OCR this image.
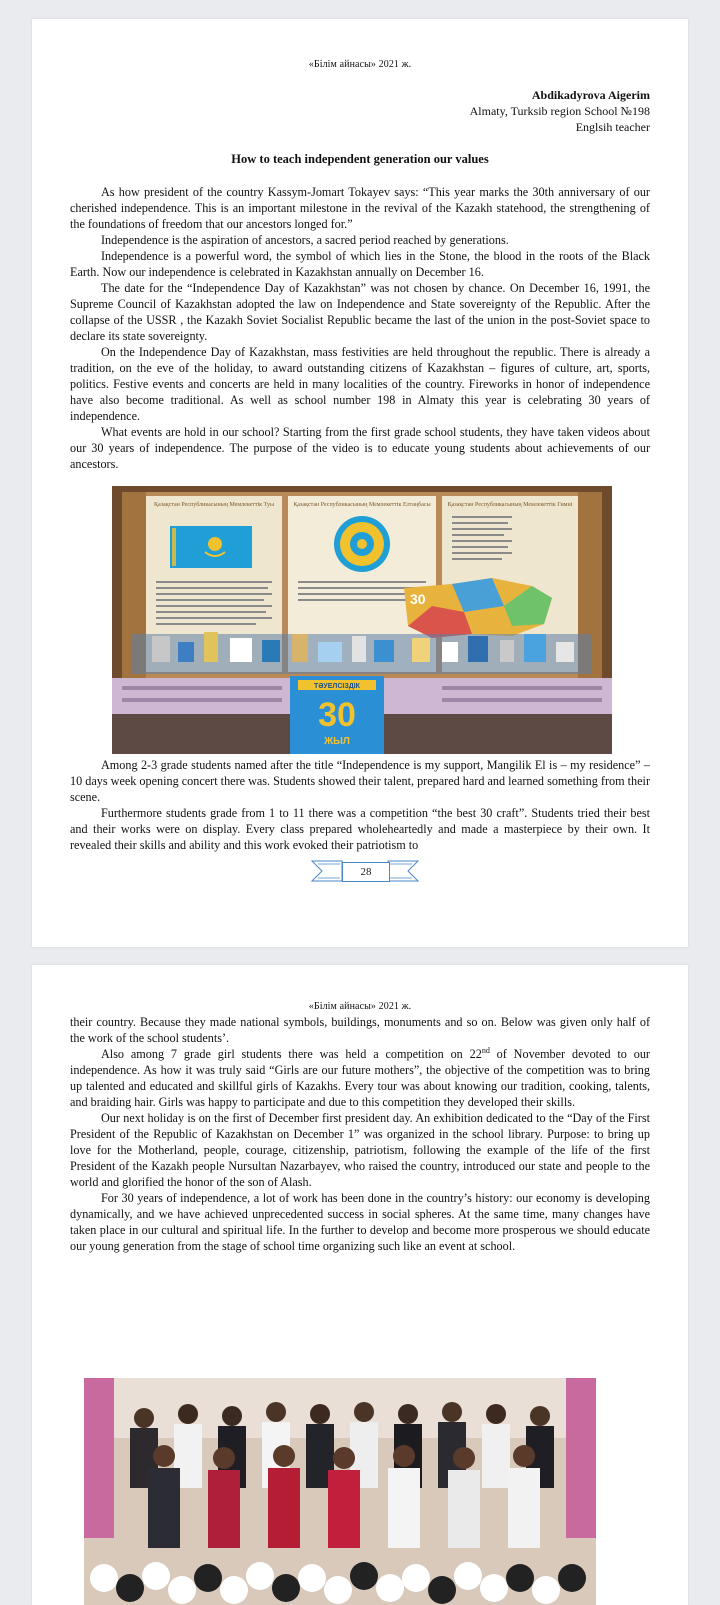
«Білім айнасы» 2021 ж.
Abdikadyrova Aigerim
Almaty, Turksib region School №198
Englsih teacher
How to teach independent generation our values

As how president of the country Kassym-Jomart Tokayev says: “This year marks the 30th anniversary of our cherished independence. This is an important milestone in the revival of the Kazakh statehood, the strengthening of the foundations of freedom that our ancestors longed for.”

Independence is the aspiration of ancestors, a sacred period reached by generations.

Independence is a powerful word, the symbol of which lies in the Stone, the blood in the roots of the Black Earth. Now our independence is celebrated in Kazakhstan annually on December 16.

The date for the “Independence Day of Kazakhstan” was not chosen by chance. On December 16, 1991, the Supreme Council of Kazakhstan adopted the law on Independence and State sovereignty of the Republic. After the collapse of the USSR , the Kazakh Soviet Socialist Republic became the last of the union in the post-Soviet space to declare its state sovereignty.

On the Independence Day of Kazakhstan, mass festivities are held throughout the republic. There is already a tradition, on the eve of the holiday, to award outstanding citizens of Kazakhstan – figures of culture, art, sports, politics. Festive events and concerts are held in many localities of the country. Fireworks in honor of independence have also become traditional. As well as school number 198 in Almaty this year is celebrating 30 years of independence.

What events are hold in our school? Starting from the first grade school students, they have taken videos about our 30 years of independence. The purpose of the video is to educate young students about achievements of our ancestors.

Қазақстан Республикасының Мемлекеттік Туы	Қазақстан Республикасының Мемлекеттік Елтаңбасы	Қазақстан Республикасының Мемлекеттік Гимні
30
ТӘУЕЛСІЗДІК
30
ЖЫЛ

Among 2-3 grade students named after the title “Independence is my support, Mangilik El is – my residence” – 10 days week opening concert there was. Students showed their talent, prepared hard and learned something from their scene.

Furthermore students grade from 1 to 11 there was a competition “the best 30 craft”. Students tried their best and their works were on display. Every class prepared wholeheartedly and made a masterpiece by their own. It revealed their skills and ability and this work evoked their patriotism to

28
«Білім айнасы» 2021 ж.

their country. Because they made national symbols, buildings, monuments and so on. Below was given only half of the work of the school students’.

Also among 7 grade girl students there was held a competition on 22nd of November devoted to our independence. As how it was truly said “Girls are our future mothers”, the objective of the competition was to bring up talented and educated and skillful girls of Kazakhs. Every tour was about knowing our tradition, cooking, talents, and braiding hair. Girls was happy to participate and due to this competition they developed their skills.

Our next holiday is on the first of December first president day. An exhibition dedicated to the “Day of the First President of the Republic of Kazakhstan on December 1” was organized in the school library. Purpose: to bring up love for the Motherland, people, courage, citizenship, patriotism, following the example of the life of the first President of the Kazakh people Nursultan Nazarbayev, who raised the country, introduced our state and people to the world and glorified the honor of the son of Alash.

For 30 years of independence, a lot of work has been done in the country’s history: our economy is developing dynamically, and we have achieved unprecedented success in social spheres. At the same time, many changes have taken place in our cultural and spiritual life. In the further to develop and become more prosperous we should educate our young generation from the stage of school time organizing such like an event at school.
